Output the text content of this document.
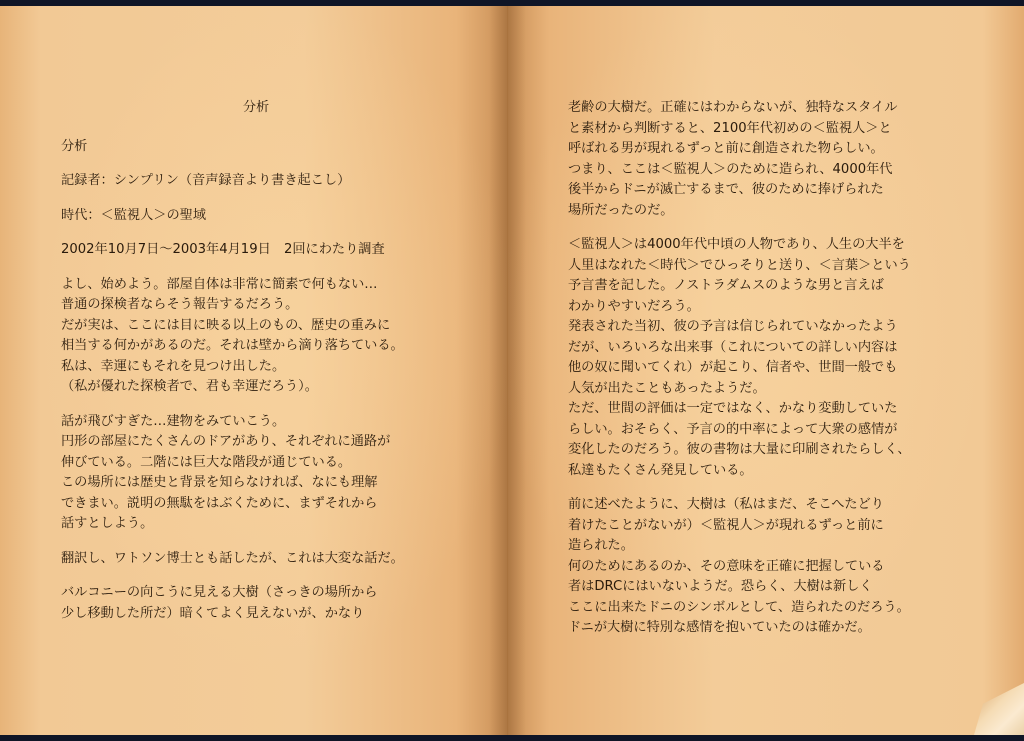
分析
分析
記録者：シンプリン（音声録音より書き起こし）
時代：＜監視人＞の聖域
2002年10月7日〜2003年4月19日　2回にわたり調査
よし、始めよう。部屋自体は非常に簡素で何もない…
普通の探検者ならそう報告するだろう。
だが実は、ここには目に映る以上のもの、歴史の重みに
相当する何かがあるのだ。それは壁から滴り落ちている。
私は、幸運にもそれを見つけ出した。
（私が優れた探検者で、君も幸運だろう）。
話が飛びすぎた…建物をみていこう。
円形の部屋にたくさんのドアがあり、それぞれに通路が
伸びている。二階には巨大な階段が通じている。
この場所には歴史と背景を知らなければ、なにも理解
できまい。説明の無駄をはぶくために、まずそれから
話すとしよう。
翻訳し、ワトソン博士とも話したが、これは大変な話だ。
バルコニーの向こうに見える大樹（さっきの場所から
少し移動した所だ）暗くてよく見えないが、かなり
老齢の大樹だ。正確にはわからないが、独特なスタイル
と素材から判断すると、2100年代初めの＜監視人＞と
呼ばれる男が現れるずっと前に創造された物らしい。
つまり、ここは＜監視人＞のために造られ、4000年代
後半からドニが滅亡するまで、彼のために捧げられた
場所だったのだ。
＜監視人＞は4000年代中頃の人物であり、人生の大半を
人里はなれた＜時代＞でひっそりと送り、＜言葉＞という
予言書を記した。ノストラダムスのような男と言えば
わかりやすいだろう。
発表された当初、彼の予言は信じられていなかったよう
だが、いろいろな出来事（これについての詳しい内容は
他の奴に聞いてくれ）が起こり、信者や、世間一般でも
人気が出たこともあったようだ。
ただ、世間の評価は一定ではなく、かなり変動していた
らしい。おそらく、予言の的中率によって大衆の感情が
変化したのだろう。彼の書物は大量に印刷されたらしく、
私達もたくさん発見している。
前に述べたように、大樹は（私はまだ、そこへたどり
着けたことがないが）＜監視人＞が現れるずっと前に
造られた。
何のためにあるのか、その意味を正確に把握している
者はDRCにはいないようだ。恐らく、大樹は新しく
ここに出来たドニのシンボルとして、造られたのだろう。
ドニが大樹に特別な感情を抱いていたのは確かだ。
